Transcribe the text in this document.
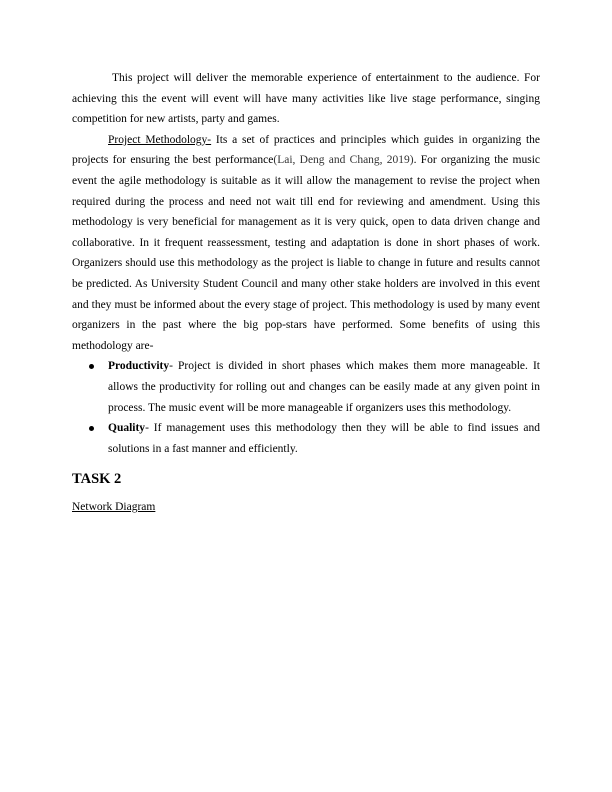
This project will deliver the memorable experience of entertainment to the audience. For achieving this the event will event will have many activities like live stage performance, singing competition for new artists, party and games.

Project Methodology- Its a set of practices and principles which guides in organizing the projects for ensuring the best performance(Lai, Deng and Chang, 2019). For organizing the music event the agile methodology is suitable as it will allow the management to revise the project when required during the process and need not wait till end for reviewing and amendment. Using this methodology is very beneficial for management as it is very quick, open to data driven change and collaborative. In it frequent reassessment, testing and adaptation is done in short phases of work. Organizers should use this methodology as the project is liable to change in future and results cannot be predicted. As University Student Council and many other stake holders are involved in this event and they must be informed about the every stage of project. This methodology is used by many event organizers in the past where the big pop-stars have performed. Some benefits of using this methodology are-

Productivity- Project is divided in short phases which makes them more manageable. It allows the productivity for rolling out and changes can be easily made at any given point in process. The music event will be more manageable if organizers uses this methodology.
Quality- If management uses this methodology then they will be able to find issues and solutions in a fast manner and efficiently.
TASK 2
Network Diagram
